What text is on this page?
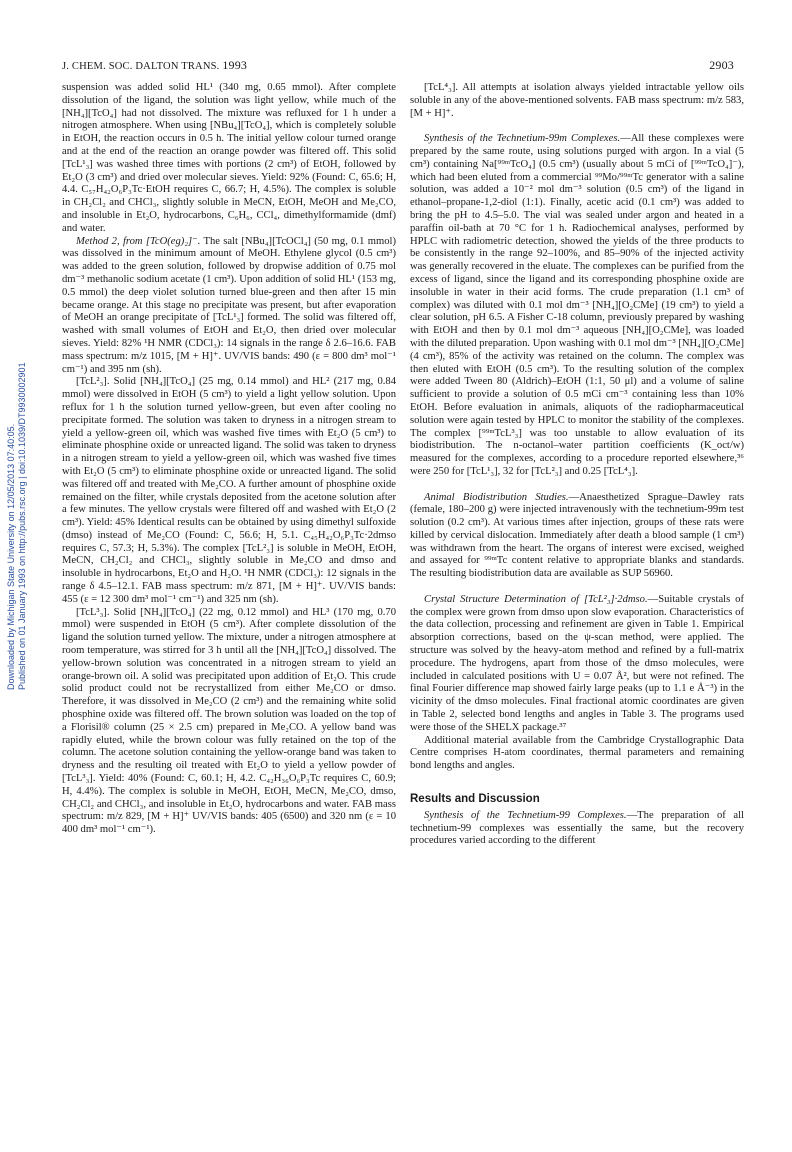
J. CHEM. SOC. DALTON TRANS. 1993	2903
Downloaded by Michigan State University on 12/05/2013 07:40:05. Published on 01 January 1993 on http://pubs.rsc.org | doi:10.1039/DT9930002901

suspension was added solid HL¹ (340 mg, 0.65 mmol). After complete dissolution of the ligand, the solution was light yellow, while much of the [NH₄][TcO₄] had not dissolved. The mixture was refluxed for 1 h under a nitrogen atmosphere. When using [NBu₄][TcO₄], which is completely soluble in EtOH, the reaction occurs in 0.5 h. The initial yellow colour turned orange and at the end of the reaction an orange powder was filtered off. This solid [TcL¹₃] was washed three times with portions (2 cm³) of EtOH, followed by Et₂O (3 cm³) and dried over molecular sieves. Yield: 92% (Found: C, 65.6; H, 4.4. C₅₇H₄₂O₆P₃Tc·EtOH requires C, 66.7; H, 4.5%). The complex is soluble in CH₂Cl₂ and CHCl₃, slightly soluble in MeCN, EtOH, MeOH and Me₂CO, and insoluble in Et₂O, hydrocarbons, C₆H₆, CCl₄, dimethylformamide (dmf) and water.

Method 2, from [TcO(eg)₂]⁻. The salt [NBu₄][TcOCl₄] (50 mg, 0.1 mmol) was dissolved in the minimum amount of MeOH. Ethylene glycol (0.5 cm³) was added to the green solution, followed by dropwise addition of 0.75 mol dm⁻³ methanolic sodium acetate (1 cm³). Upon addition of solid HL¹ (153 mg, 0.5 mmol) the deep violet solution turned blue-green and then after 15 min became orange. At this stage no precipitate was present, but after evaporation of MeOH an orange precipitate of [TcL¹₃] formed. The solid was filtered off, washed with small volumes of EtOH and Et₂O, then dried over molecular sieves. Yield: 82% ¹H NMR (CDCl₃): 14 signals in the range δ 2.6–16.6. FAB mass spectrum: m/z 1015, [M + H]⁺. UV/VIS bands: 490 (ε = 800 dm³ mol⁻¹ cm⁻¹) and 395 nm (sh).

[TcL²₃]. Solid [NH₄][TcO₄] (25 mg, 0.14 mmol) and HL² (217 mg, 0.84 mmol) were dissolved in EtOH (5 cm³) to yield a light yellow solution. Upon reflux for 1 h the solution turned yellow-green, but even after cooling no precipitate formed. The solution was taken to dryness in a nitrogen stream to yield a yellow-green oil, which was washed five times with Et₂O (5 cm³) to eliminate phosphine oxide or unreacted ligand. The solid was taken to dryness in a nitrogen stream to yield a yellow-green oil, which was washed five times with Et₂O (5 cm³) to eliminate phosphine oxide or unreacted ligand. The solid was filtered off and treated with Me₂CO. A further amount of phosphine oxide remained on the filter, while crystals deposited from the acetone solution after a few minutes. The yellow crystals were filtered off and washed with Et₂O (2 cm³). Yield: 45% Identical results can be obtained by using dimethyl sulfoxide (dmso) instead of Me₂CO (Found: C, 56.6; H, 5.1. C₄₅H₄₂O₆P₃Tc·2dmso requires C, 57.3; H, 5.3%). The complex [TcL²₃] is soluble in MeOH, EtOH, MeCN, CH₂Cl₂ and CHCl₃, slightly soluble in Me₂CO and dmso and insoluble in hydrocarbons, Et₂O and H₂O. ¹H NMR (CDCl₃): 12 signals in the range δ 4.5–12.1. FAB mass spectrum: m/z 871, [M + H]⁺. UV/VIS bands: 455 (ε = 12 300 dm³ mol⁻¹ cm⁻¹) and 325 nm (sh).

[TcL³₃]. Solid [NH₄][TcO₄] (22 mg, 0.12 mmol) and HL³ (170 mg, 0.70 mmol) were suspended in EtOH (5 cm³). After complete dissolution of the ligand the solution turned yellow. The mixture, under a nitrogen atmosphere at room temperature, was stirred for 3 h until all the [NH₄][TcO₄] dissolved. The yellow-brown solution was concentrated in a nitrogen stream to yield an orange-brown oil. A solid was precipitated upon addition of Et₂O. This crude solid product could not be recrystallized from either Me₂CO or dmso. Therefore, it was dissolved in Me₂CO (2 cm³) and the remaining white solid phosphine oxide was filtered off. The brown solution was loaded on the top of a Florisil® column (25 × 2.5 cm) prepared in Me₂CO. A yellow band was rapidly eluted, while the brown colour was fully retained on the top of the column. The acetone solution containing the yellow-orange band was taken to dryness and the resulting oil treated with Et₂O to yield a yellow powder of [TcL³₃]. Yield: 40% (Found: C, 60.1; H, 4.2. C₄₂H₃₆O₆P₃Tc requires C, 60.9; H, 4.4%). The complex is soluble in MeOH, EtOH, MeCN, Me₂CO, dmso, CH₂Cl₂ and CHCl₃, and insoluble in Et₂O, hydrocarbons and water. FAB mass spectrum: m/z 829, [M + H]⁺ UV/VIS bands: 405 (6500) and 320 nm (ε = 10 400 dm³ mol⁻¹ cm⁻¹).

[TcL⁴₃]. All attempts at isolation always yielded intractable yellow oils soluble in any of the above-mentioned solvents. FAB mass spectrum: m/z 583, [M + H]⁺.

Synthesis of the Technetium-99m Complexes.—All these complexes were prepared by the same route, using solutions purged with argon. In a vial (5 cm³) containing Na[⁹⁹ᵐTcO₄] (0.5 cm³) (usually about 5 mCi of [⁹⁹ᵐTcO₄]⁻), which had been eluted from a commercial ⁹⁹Mo/⁹⁹ᵐTc generator with a saline solution, was added a 10⁻² mol dm⁻³ solution (0.5 cm³) of the ligand in ethanol–propane-1,2-diol (1:1). Finally, acetic acid (0.1 cm³) was added to bring the pH to 4.5–5.0. The vial was sealed under argon and heated in a paraffin oil-bath at 70 °C for 1 h. Radiochemical analyses, performed by HPLC with radiometric detection, showed the yields of the three products to be consistently in the range 92–100%, and 85–90% of the injected activity was generally recovered in the eluate. The complexes can be purified from the excess of ligand, since the ligand and its corresponding phosphine oxide are insoluble in water in their acid forms. The crude preparation (1.1 cm³ of complex) was diluted with 0.1 mol dm⁻³ [NH₄][O₂CMe] (19 cm³) to yield a clear solution, pH 6.5. A Fisher C-18 column, previously prepared by washing with EtOH and then by 0.1 mol dm⁻³ aqueous [NH₄][O₂CMe], was loaded with the diluted preparation. Upon washing with 0.1 mol dm⁻³ [NH₄][O₂CMe] (4 cm³), 85% of the activity was retained on the column. The complex was then eluted with EtOH (0.5 cm³). To the resulting solution of the complex were added Tween 80 (Aldrich)–EtOH (1:1, 50 μl) and a volume of saline sufficient to provide a solution of 0.5 mCi cm⁻³ containing less than 10% EtOH. Before evaluation in animals, aliquots of the radiopharmaceutical solution were again tested by HPLC to monitor the stability of the complexes. The complex [⁹⁹ᵐTcL³₃] was too unstable to allow evaluation of its biodistribution. The n-octanol–water partition coefficients (K_oct/w) measured for the complexes, according to a procedure reported elsewhere,³⁶ were 250 for [TcL¹₃], 32 for [TcL²₃] and 0.25 [TcL⁴₃].

Animal Biodistribution Studies.—Anaesthetized Sprague–Dawley rats (female, 180–200 g) were injected intravenously with the technetium-99m test solution (0.2 cm³). At various times after injection, groups of these rats were killed by cervical dislocation. Immediately after death a blood sample (1 cm³) was withdrawn from the heart. The organs of interest were excised, weighed and assayed for ⁹⁹ᵐTc content relative to appropriate blanks and standards. The resulting biodistribution data are available as SUP 56960.

Crystal Structure Determination of [TcL²₃]·2dmso.—Suitable crystals of the complex were grown from dmso upon slow evaporation. Characteristics of the data collection, processing and refinement are given in Table 1. Empirical absorption corrections, based on the ψ-scan method, were applied. The structure was solved by the heavy-atom method and refined by a full-matrix procedure. The hydrogens, apart from those of the dmso molecules, were included in calculated positions with U = 0.07 Å², but were not refined. The final Fourier difference map showed fairly large peaks (up to 1.1 e Å⁻³) in the vicinity of the dmso molecules. Final fractional atomic coordinates are given in Table 2, selected bond lengths and angles in Table 3. The programs used were those of the SHELX package.³⁷

Additional material available from the Cambridge Crystallographic Data Centre comprises H-atom coordinates, thermal parameters and remaining bond lengths and angles.

Results and Discussion

Synthesis of the Technetium-99 Complexes.—The preparation of all technetium-99 complexes was essentially the same, but the recovery procedures varied according to the different
